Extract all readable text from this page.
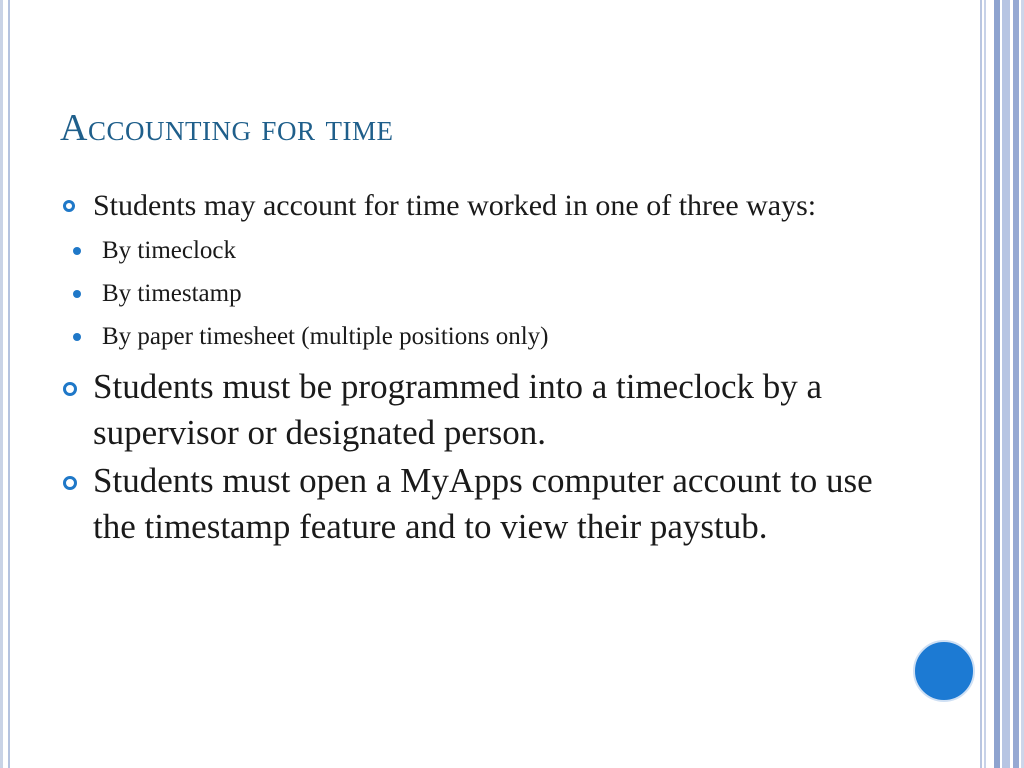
Accounting for time
Students may account for time worked in one of three ways:
By timeclock
By timestamp
By paper timesheet (multiple positions only)
Students must be programmed into a timeclock by a supervisor or designated person.
Students must open a MyApps computer account to use the timestamp feature and to view their paystub.
